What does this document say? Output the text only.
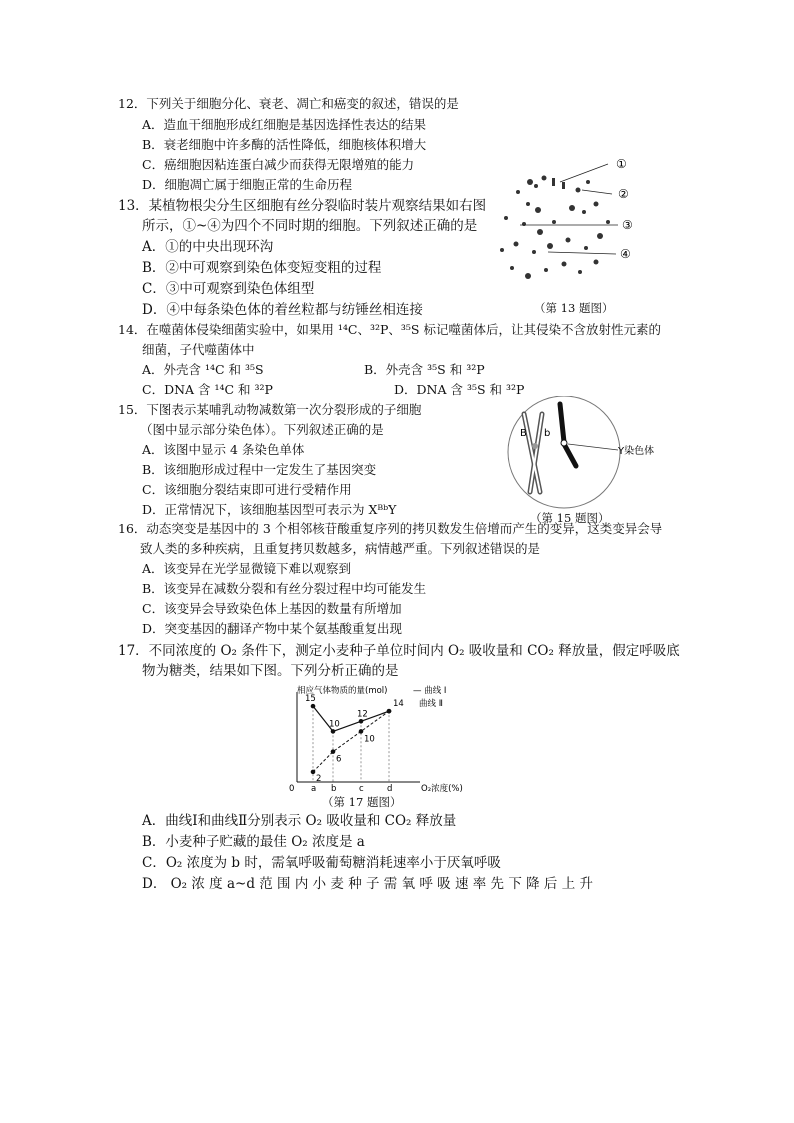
12．下列关于细胞分化、衰老、凋亡和癌变的叙述，错误的是
A．造血干细胞形成红细胞是基因选择性表达的结果
B．衰老细胞中许多酶的活性降低，细胞核体积增大
C．癌细胞因粘连蛋白减少而获得无限增殖的能力
D．细胞凋亡属于细胞正常的生命历程
13．某植物根尖分生区细胞有丝分裂临时装片观察结果如右图
所示，①~④为四个不同时期的细胞。下列叙述正确的是
A．①的中央出现环沟
B．②中可观察到染色体变短变粗的过程
C．③中可观察到染色体组型
D．④中每条染色体的着丝粒都与纺锤丝相连接
①
②
③
④
（第 13 题图）
14．在噬菌体侵染细菌实验中，如果用 ¹⁴C、³²P、³⁵S 标记噬菌体后，让其侵染不含放射性元素的
细菌，子代噬菌体中
A．外壳含 ¹⁴C 和 ³⁵S	B．外壳含 ³⁵S 和 ³²P
C．DNA 含 ¹⁴C 和 ³²P	D．DNA 含 ³⁵S 和 ³²P
15．下图表示某哺乳动物减数第一次分裂形成的子细胞
（图中显示部分染色体）。下列叙述正确的是
A．该图中显示 4 条染色单体
B．该细胞形成过程中一定发生了基因突变
C．该细胞分裂结束即可进行受精作用
D．正常情况下，该细胞基因型可表示为 XᴮᵇY
B b
Y染色体
（第 15 题图）
16．动态突变是基因中的 3 个相邻核苷酸重复序列的拷贝数发生倍增而产生的变异，这类变异会导
致人类的多种疾病，且重复拷贝数越多，病情越严重。下列叙述错误的是
A．该变异在光学显微镜下难以观察到
B．该变异在减数分裂和有丝分裂过程中均可能发生
C．该变异会导致染色体上基因的数量有所增加
D．突变基因的翻译产物中某个氨基酸重复出现
17．不同浓度的 O₂ 条件下，测定小麦种子单位时间内 O₂ 吸收量和 CO₂ 释放量，假定呼吸底
物为糖类，结果如下图。下列分析正确的是
a b	c	d
15
10
12
14
2
6
10
相应气体物质的量(mol)	— 曲线 Ⅰ
曲线 Ⅱ
0	O₂浓度(%)
（第 17 题图）
A．曲线Ⅰ和曲线Ⅱ分别表示 O₂ 吸收量和 CO₂ 释放量
B．小麦种子贮藏的最佳 O₂ 浓度是 a
C．O₂ 浓度为 b 时，需氧呼吸葡萄糖消耗速率小于厌氧呼吸
D． O₂ 浓 度 a~d 范 围 内 小 麦 种 子 需 氧 呼 吸 速 率 先 下 降 后 上 升
